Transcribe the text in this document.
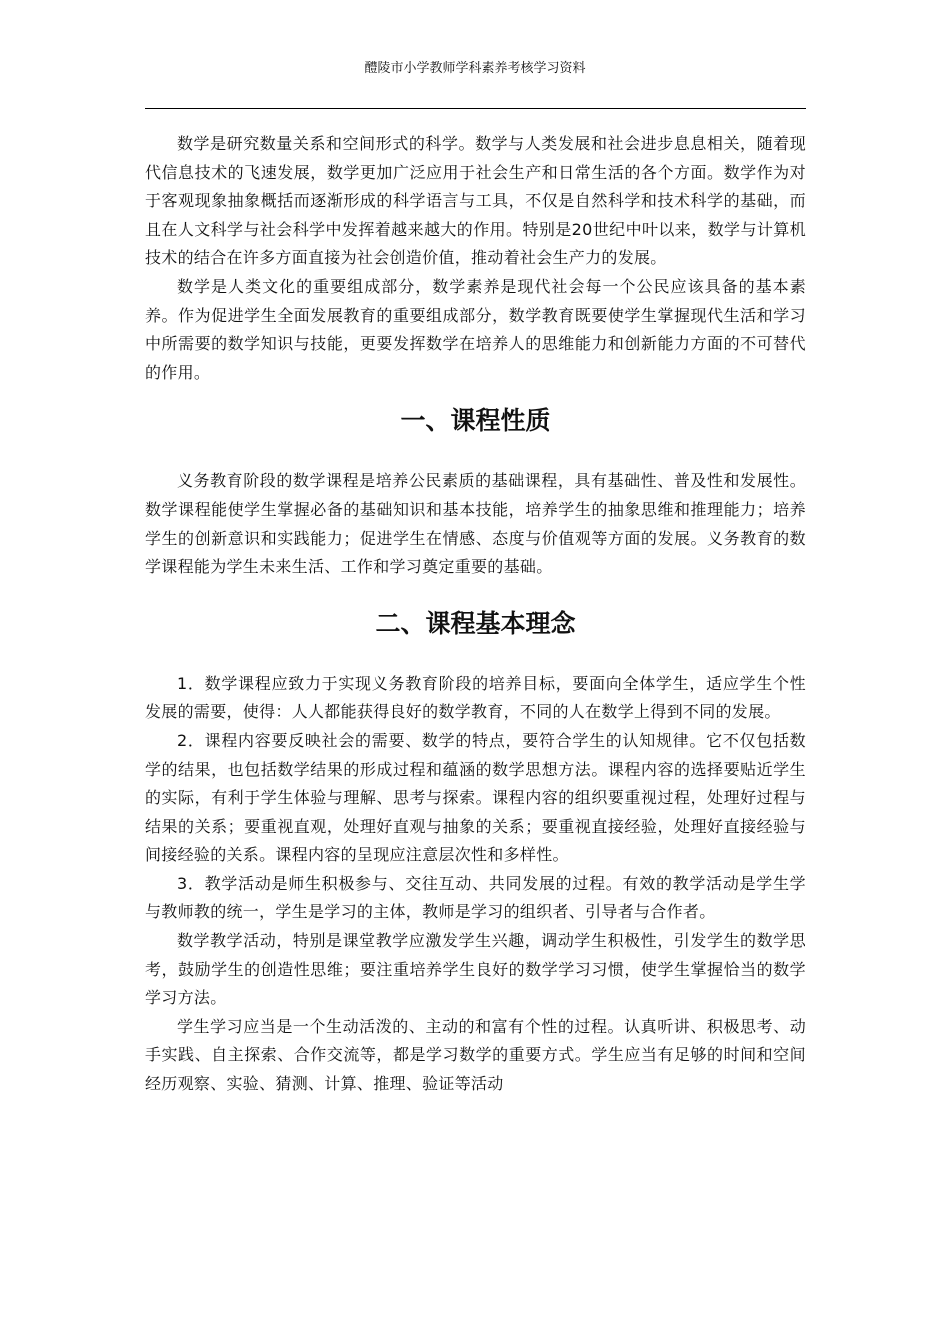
醴陵市小学教师学科素养考核学习资料

数学是研究数量关系和空间形式的科学。数学与人类发展和社会进步息息相关，随着现代信息技术的飞速发展，数学更加广泛应用于社会生产和日常生活的各个方面。数学作为对于客观现象抽象概括而逐渐形成的科学语言与工具，不仅是自然科学和技术科学的基础，而且在人文科学与社会科学中发挥着越来越大的作用。特别是20世纪中叶以来，数学与计算机技术的结合在许多方面直接为社会创造价值，推动着社会生产力的发展。

数学是人类文化的重要组成部分，数学素养是现代社会每一个公民应该具备的基本素养。作为促进学生全面发展教育的重要组成部分，数学教育既要使学生掌握现代生活和学习中所需要的数学知识与技能，更要发挥数学在培养人的思维能力和创新能力方面的不可替代的作用。

一、课程性质

义务教育阶段的数学课程是培养公民素质的基础课程，具有基础性、普及性和发展性。数学课程能使学生掌握必备的基础知识和基本技能，培养学生的抽象思维和推理能力；培养学生的创新意识和实践能力；促进学生在情感、态度与价值观等方面的发展。义务教育的数学课程能为学生未来生活、工作和学习奠定重要的基础。

二、课程基本理念

1．数学课程应致力于实现义务教育阶段的培养目标，要面向全体学生，适应学生个性发展的需要，使得：人人都能获得良好的数学教育，不同的人在数学上得到不同的发展。

2．课程内容要反映社会的需要、数学的特点，要符合学生的认知规律。它不仅包括数学的结果，也包括数学结果的形成过程和蕴涵的数学思想方法。课程内容的选择要贴近学生的实际，有利于学生体验与理解、思考与探索。课程内容的组织要重视过程，处理好过程与结果的关系；要重视直观，处理好直观与抽象的关系；要重视直接经验，处理好直接经验与间接经验的关系。课程内容的呈现应注意层次性和多样性。

3．教学活动是师生积极参与、交往互动、共同发展的过程。有效的教学活动是学生学与教师教的统一，学生是学习的主体，教师是学习的组织者、引导者与合作者。

数学教学活动，特别是课堂教学应激发学生兴趣，调动学生积极性，引发学生的数学思考，鼓励学生的创造性思维；要注重培养学生良好的数学学习习惯，使学生掌握恰当的数学学习方法。

学生学习应当是一个生动活泼的、主动的和富有个性的过程。认真听讲、积极思考、动手实践、自主探索、合作交流等，都是学习数学的重要方式。学生应当有足够的时间和空间经历观察、实验、猜测、计算、推理、验证等活动
